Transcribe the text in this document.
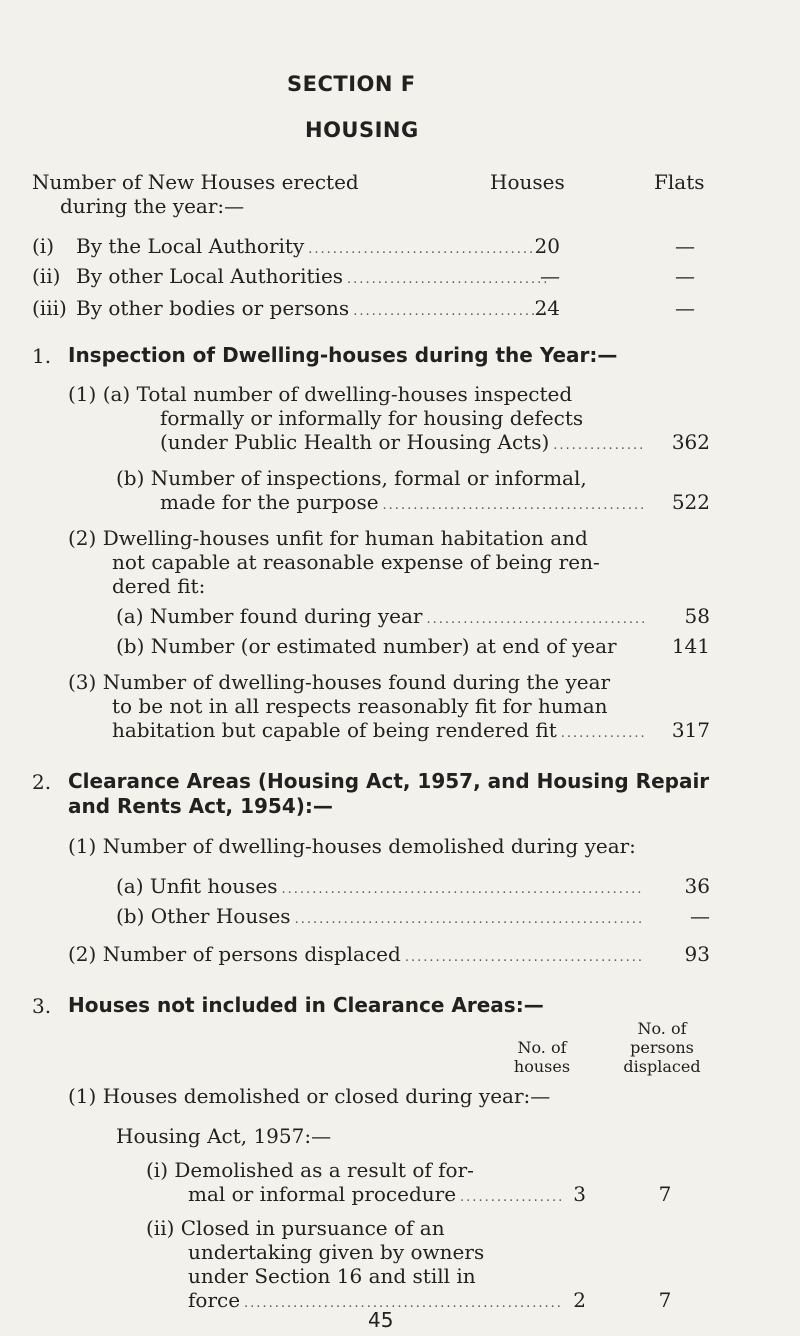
SECTION F
HOUSING
Number of New Houses erected
during the year:—
Houses	Flats
(i)	By the Local Authority .....	20	—
(ii) By other Local Authorities .....	—	—
(iii) By other bodies or persons .....	24	—
1. Inspection of Dwelling-houses during the Year:—
(1) (a) Total number of dwelling-houses inspected
formally or informally for housing defects
(under Public Health or Housing Acts) .....	362
(b) Number of inspections, formal or informal,
made for the purpose .....	522
(2) Dwelling-houses unfit for human habitation and
not capable at reasonable expense of being ren-
dered fit:
(a) Number found during year .....	58
(b) Number (or estimated number) at end of year	141
(3) Number of dwelling-houses found during the year
to be not in all respects reasonably fit for human
habitation but capable of being rendered fit .....	317
2. Clearance Areas (Housing Act, 1957, and Housing Repair
and Rents Act, 1954):—
(1) Number of dwelling-houses demolished during year:
(a) Unfit houses .....	36
(b) Other Houses .....	—
(2) Number of persons displaced .....	93
3. Houses not included in Clearance Areas:—
No. of
houses
No. of
persons
displaced
(1) Houses demolished or closed during year:—
Housing Act, 1957:—
(i) Demolished as a result of for-
mal or informal procedure .....	3	7
(ii) Closed in pursuance of an
undertaking given by owners
under Section 16 and still in
force .....	2	7
45
